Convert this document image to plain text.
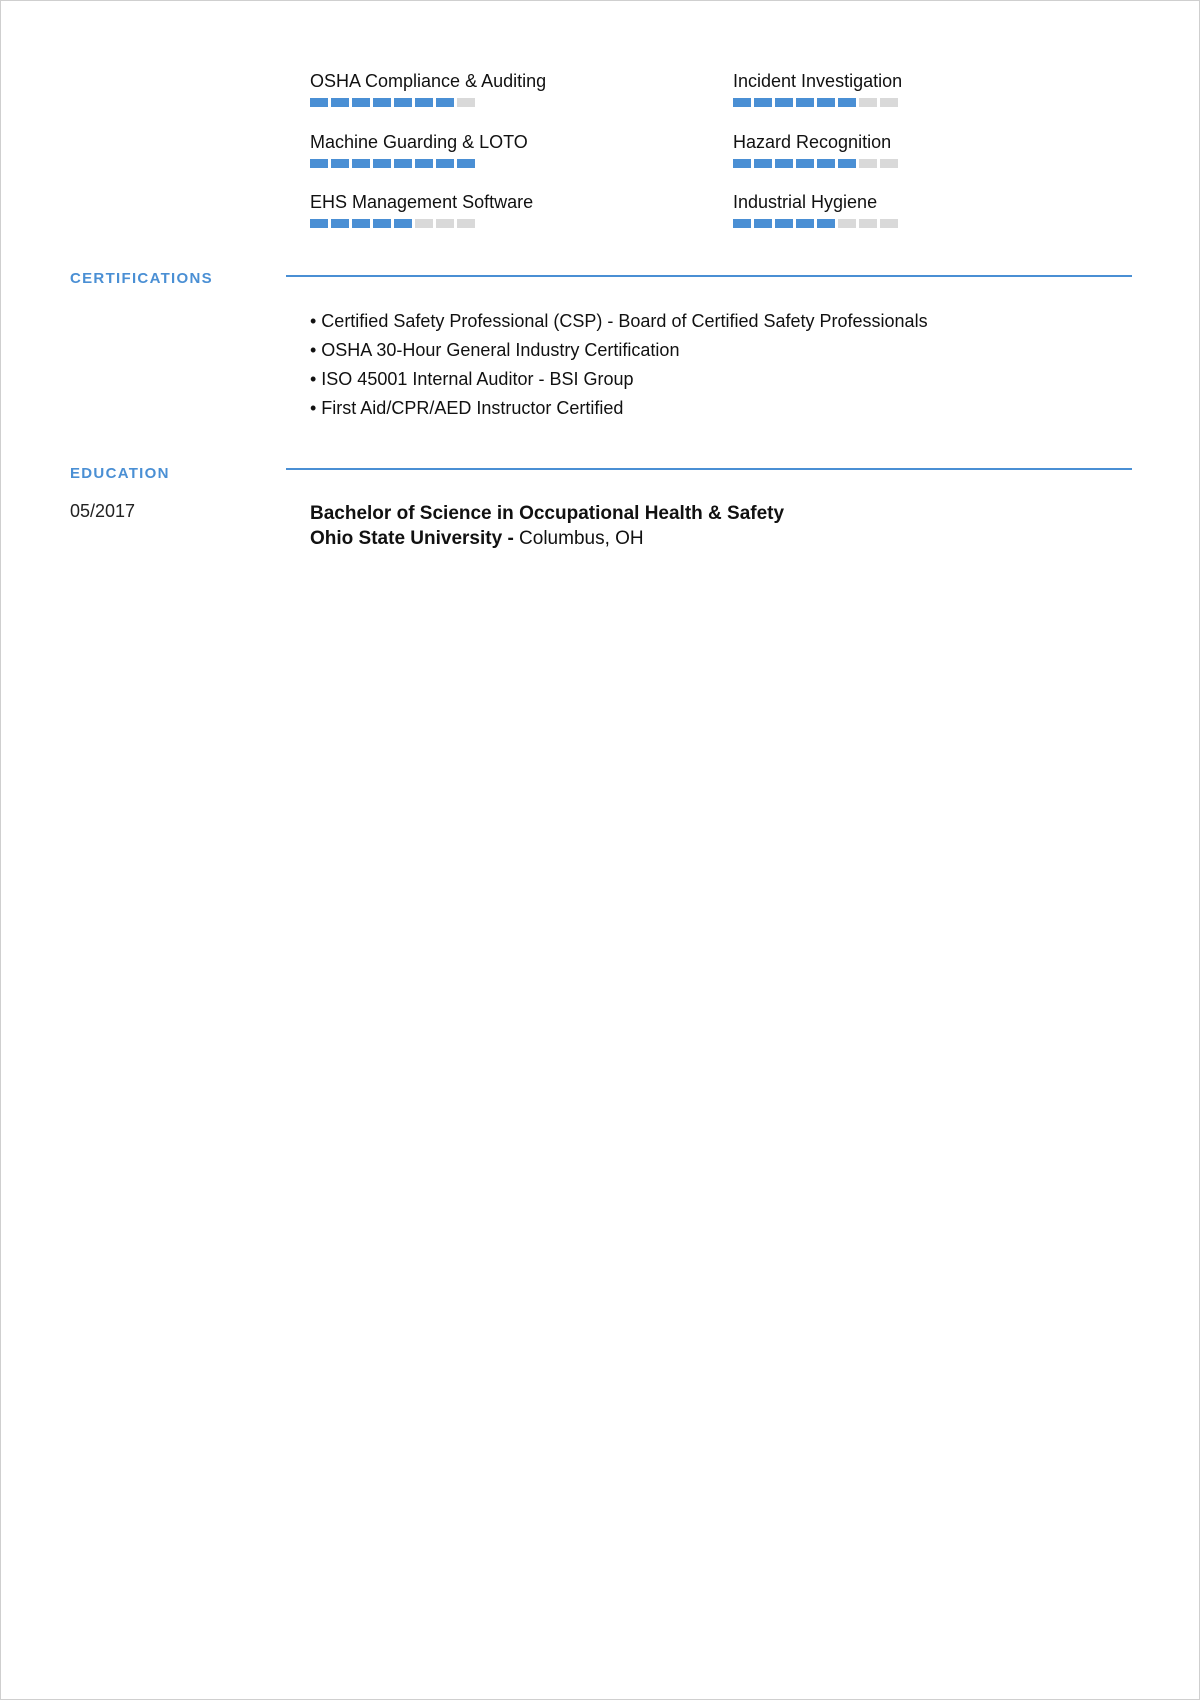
OSHA Compliance & Auditing	Incident Investigation
Machine Guarding & LOTO	Hazard Recognition
EHS Management Software	Industrial Hygiene
CERTIFICATIONS
• Certified Safety Professional (CSP) - Board of Certified Safety Professionals
• OSHA 30-Hour General Industry Certification
• ISO 45001 Internal Auditor - BSI Group
• First Aid/CPR/AED Instructor Certified
EDUCATION
05/2017	Bachelor of Science in Occupational Health & Safety
Ohio State University - Columbus, OH
